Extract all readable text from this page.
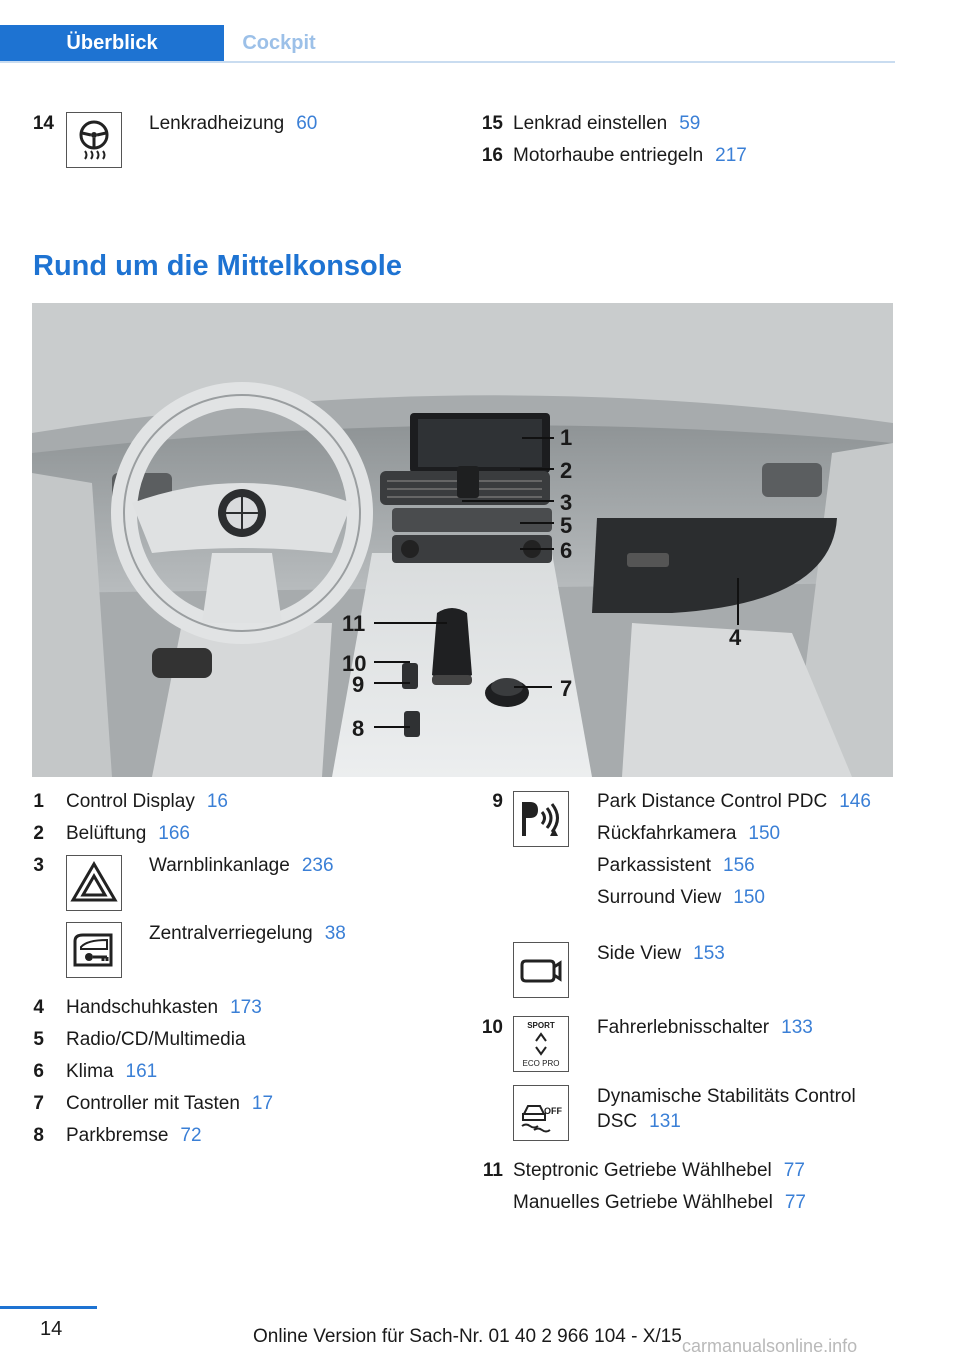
Überblick	Cockpit
14	Lenkradheizung 60	15 Lenkrad einstellen 59
16 Motorhaube entriegeln 217
Rund um die Mittelkonsole
1
2
3
5
6
4
11
10
9	7
8
1 Control Display 16
2 Belüftung 166
3	Warnblinkanlage 236
Zentralverriegelung 38
4 Handschuhkasten 173
5 Radio/CD/Multimedia
6 Klima 161
7 Controller mit Tasten 17
8 Parkbremse 72
9	Park Distance Control PDC 146
Rückfahrkamera 150
Parkassistent 156
Surround View 150
Side View 153
10	SPORT
ECO PRO
Fahrerlebnisschalter 133
OFF
Dynamische Stabilitäts Control
DSC 131
11 Steptronic Getriebe Wählhebel 77
Manuelles Getriebe Wählhebel 77
14	Online Version für Sach-Nr. 01 40 2 966 104 - X/15 carmanualsonline.info
